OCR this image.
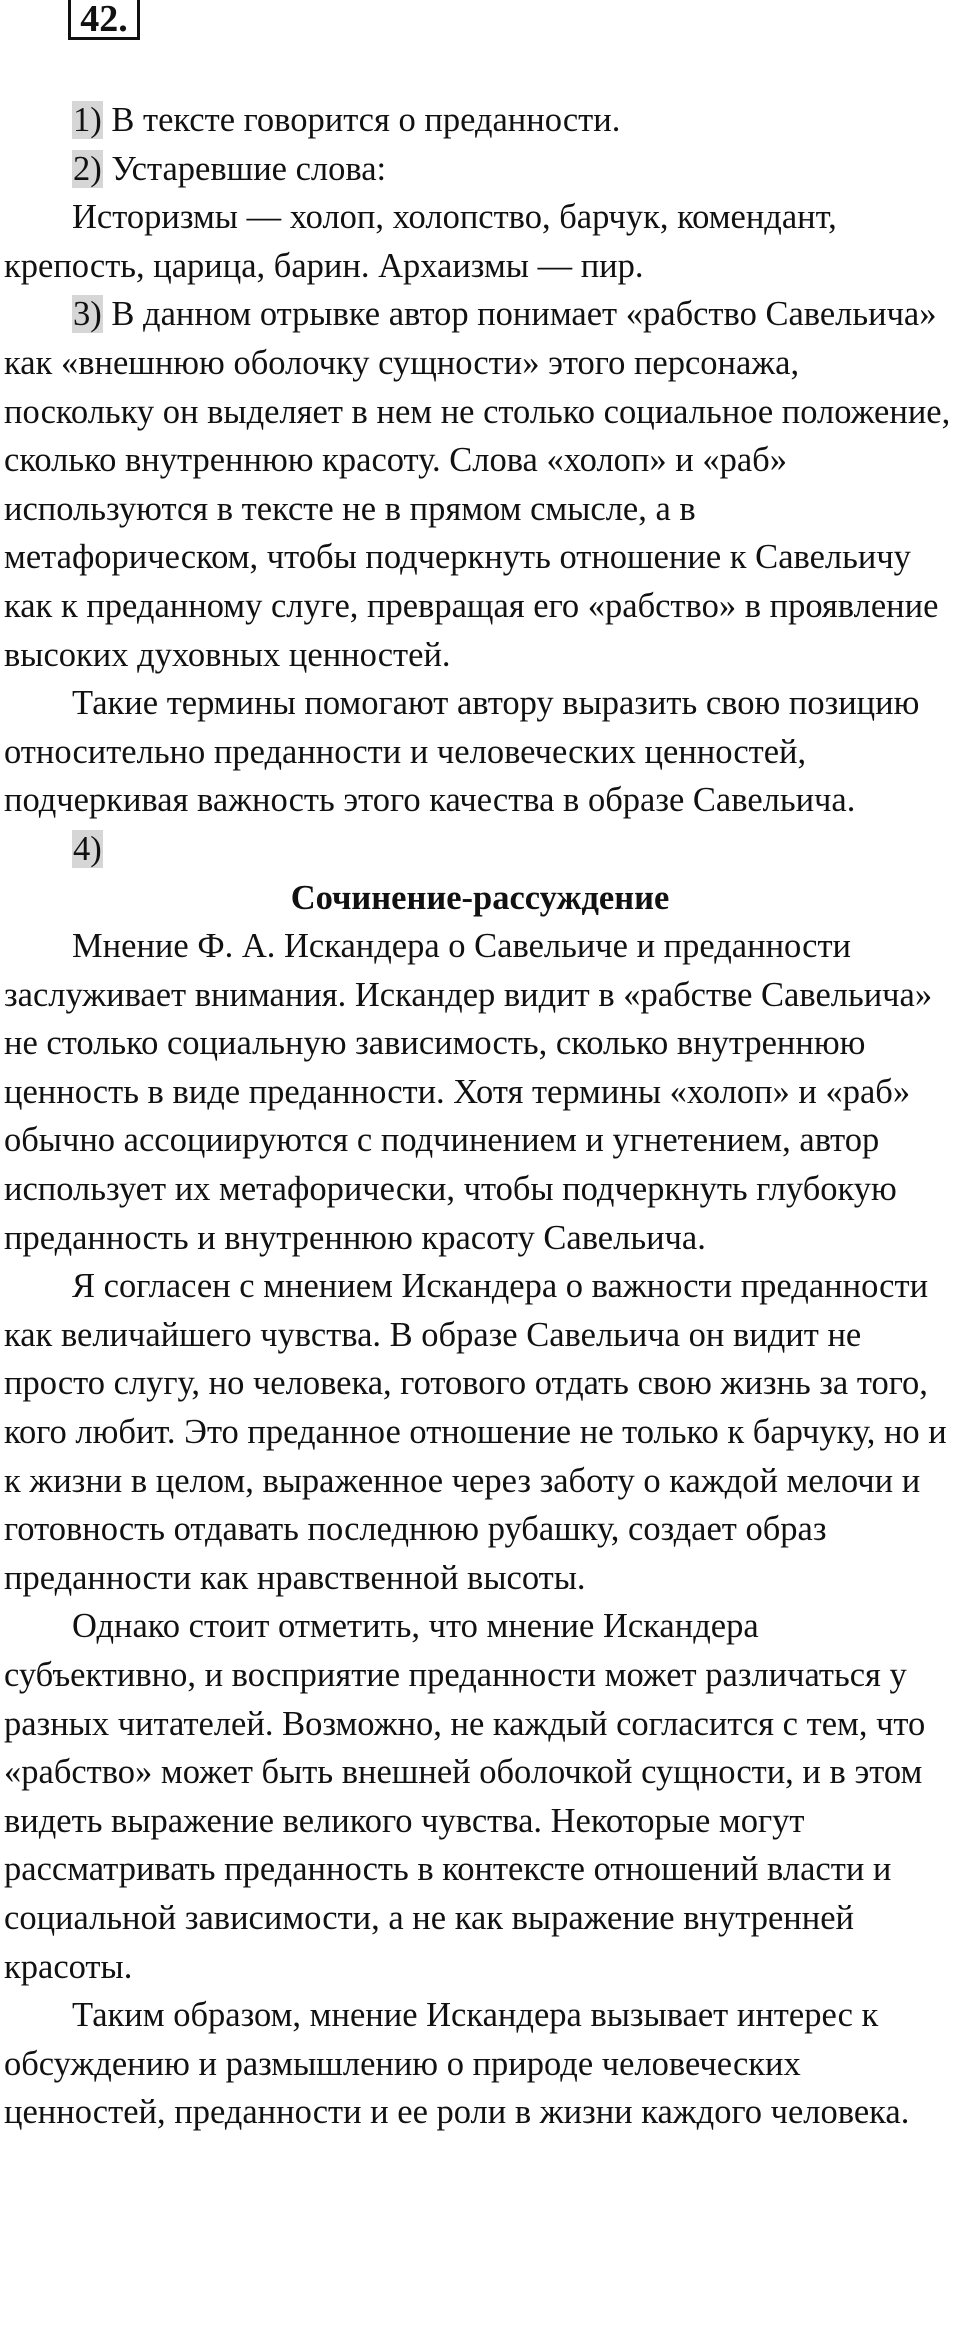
42.

1) В тексте говорится о преданности.

2) Устаревшие слова:

Историзмы — холоп, холопство, барчук, комендант, крепость, царица, барин. Архаизмы — пир.

3) В данном отрывке автор понимает «рабство Савельича» как «внешнюю оболочку сущности» этого персонажа, поскольку он выделяет в нем не столько социальное положение, сколько внутреннюю красоту. Слова «холоп» и «раб» используются в тексте не в прямом смысле, а в метафорическом, чтобы подчеркнуть отношение к Савельичу как к преданному слуге, превращая его «рабство» в проявление высоких духовных ценностей.

Такие термины помогают автору выразить свою позицию относительно преданности и человеческих ценностей, подчеркивая важность этого качества в образе Савельича.

4)

Сочинение-рассуждение

Мнение Ф. А. Искандера о Савельиче и преданности заслуживает внимания. Искандер видит в «рабстве Савельича» не столько социальную зависимость, сколько внутреннюю ценность в виде преданности. Хотя термины «холоп» и «раб» обычно ассоциируются с подчинением и угнетением, автор использует их метафорически, чтобы подчеркнуть глубокую преданность и внутреннюю красоту Савельича.

Я согласен с мнением Искандера о важности преданности как величайшего чувства. В образе Савельича он видит не просто слугу, но человека, готового отдать свою жизнь за того, кого любит. Это преданное отношение не только к барчуку, но и к жизни в целом, выраженное через заботу о каждой мелочи и готовность отдавать последнюю рубашку, создает образ преданности как нравственной высоты.

Однако стоит отметить, что мнение Искандера субъективно, и восприятие преданности может различаться у разных читателей. Возможно, не каждый согласится с тем, что «рабство» может быть внешней оболочкой сущности, и в этом видеть выражение великого чувства. Некоторые могут рассматривать преданность в контексте отношений власти и социальной зависимости, а не как выражение внутренней красоты.

Таким образом, мнение Искандера вызывает интерес к обсуждению и размышлению о природе человеческих ценностей, преданности и ее роли в жизни каждого человека.
